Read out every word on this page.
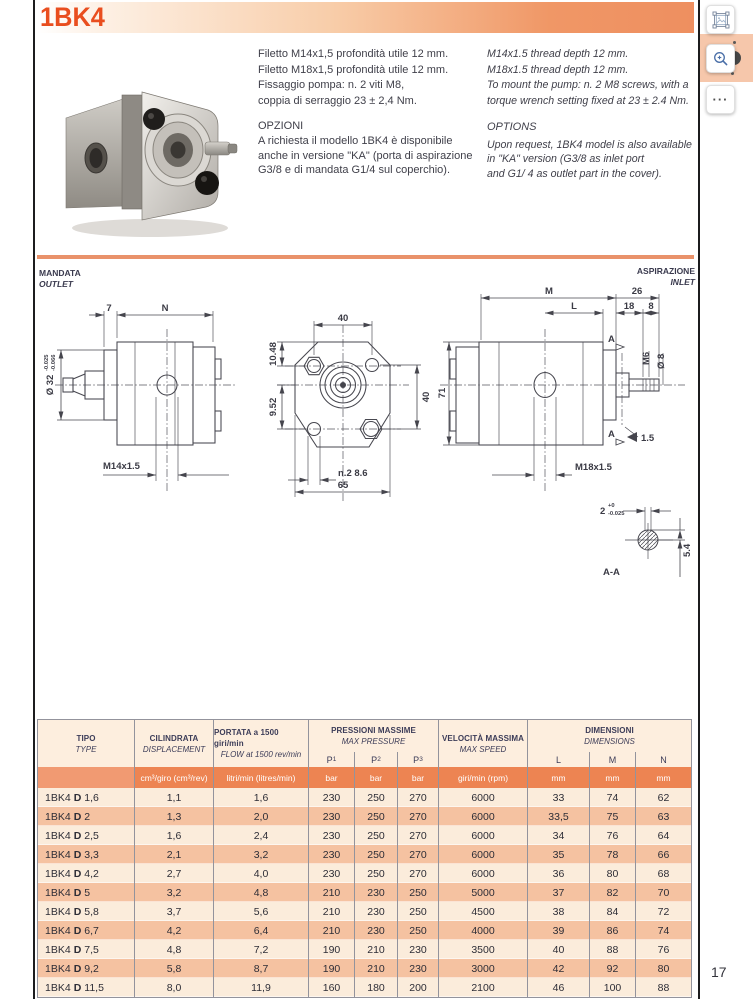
1BK4
Filetto M14x1,5 profondità utile 12 mm.
Filetto M18x1,5 profondità utile 12 mm.
Fissaggio pompa: n. 2 viti M8,
coppia di serraggio 23 ± 2,4 Nm.
M14x1.5 thread depth 12 mm.
M18x1.5 thread depth 12 mm.
To mount the pump: n. 2 M8 screws, with a
torque wrench setting fixed at 23 ± 2.4 Nm.
OPZIONI
A richiesta il modello 1BK4 è disponibile
anche in versione "KA" (porta di aspirazione
G3/8 e di mandata G1/4 sul coperchio).
OPTIONS
Upon request, 1BK4 model is also available
in "KA" version (G3/8 as inlet port
and G1/ 4 as outlet part in the cover).
MANDATA
OUTLET
ASPIRAZIONE
INLET
Ø 32
-0.025 -0.066
7	N
M14x1.5
40
10.48
9.52
40
n.2 8.6
65
71
M	26
L	18 8
A
A
M6 Ø 8
1.5
M18x1.5
2 +0
-0.025
5.4
A-A
TIPO
TYPE
CILINDRATA
DISPLACEMENT
PORTATA a 1500 giri/min
FLOW at 1500 rev/min
PRESSIONI MASSIME
MAX PRESSURE	VELOCITÀ MASSIMA
MAX SPEED
DIMENSIONI
DIMENSIONS
P 1	P 2	P 3	L	M	N
cm³/giro (cm³/rev)	litri/min (litres/min)	bar	bar	bar	giri/min (rpm)	mm	mm	mm
1BK4 D 1,6	1,1	1,6	230	250	270	6000	33	74	62
1BK4 D 2	1,3	2,0	230	250	270	6000	33,5	75	63
1BK4 D 2,5	1,6	2,4	230	250	270	6000	34	76	64
1BK4 D 3,3	2,1	3,2	230	250	270	6000	35	78	66
1BK4 D 4,2	2,7	4,0	230	250	270	6000	36	80	68
1BK4 D 5	3,2	4,8	210	230	250	5000	37	82	70
1BK4 D 5,8	3,7	5,6	210	230	250	4500	38	84	72
1BK4 D 6,7	4,2	6,4	210	230	250	4000	39	86	74
1BK4 D 7,5	4,8	7,2	190	210	230	3500	40	88	76
1BK4 D 9,2	5,8	8,7	190	210	230	3000	42	92	80
1BK4 D 11,5	8,0	11,9	160	180	200	2100	46	100	88
···
17
